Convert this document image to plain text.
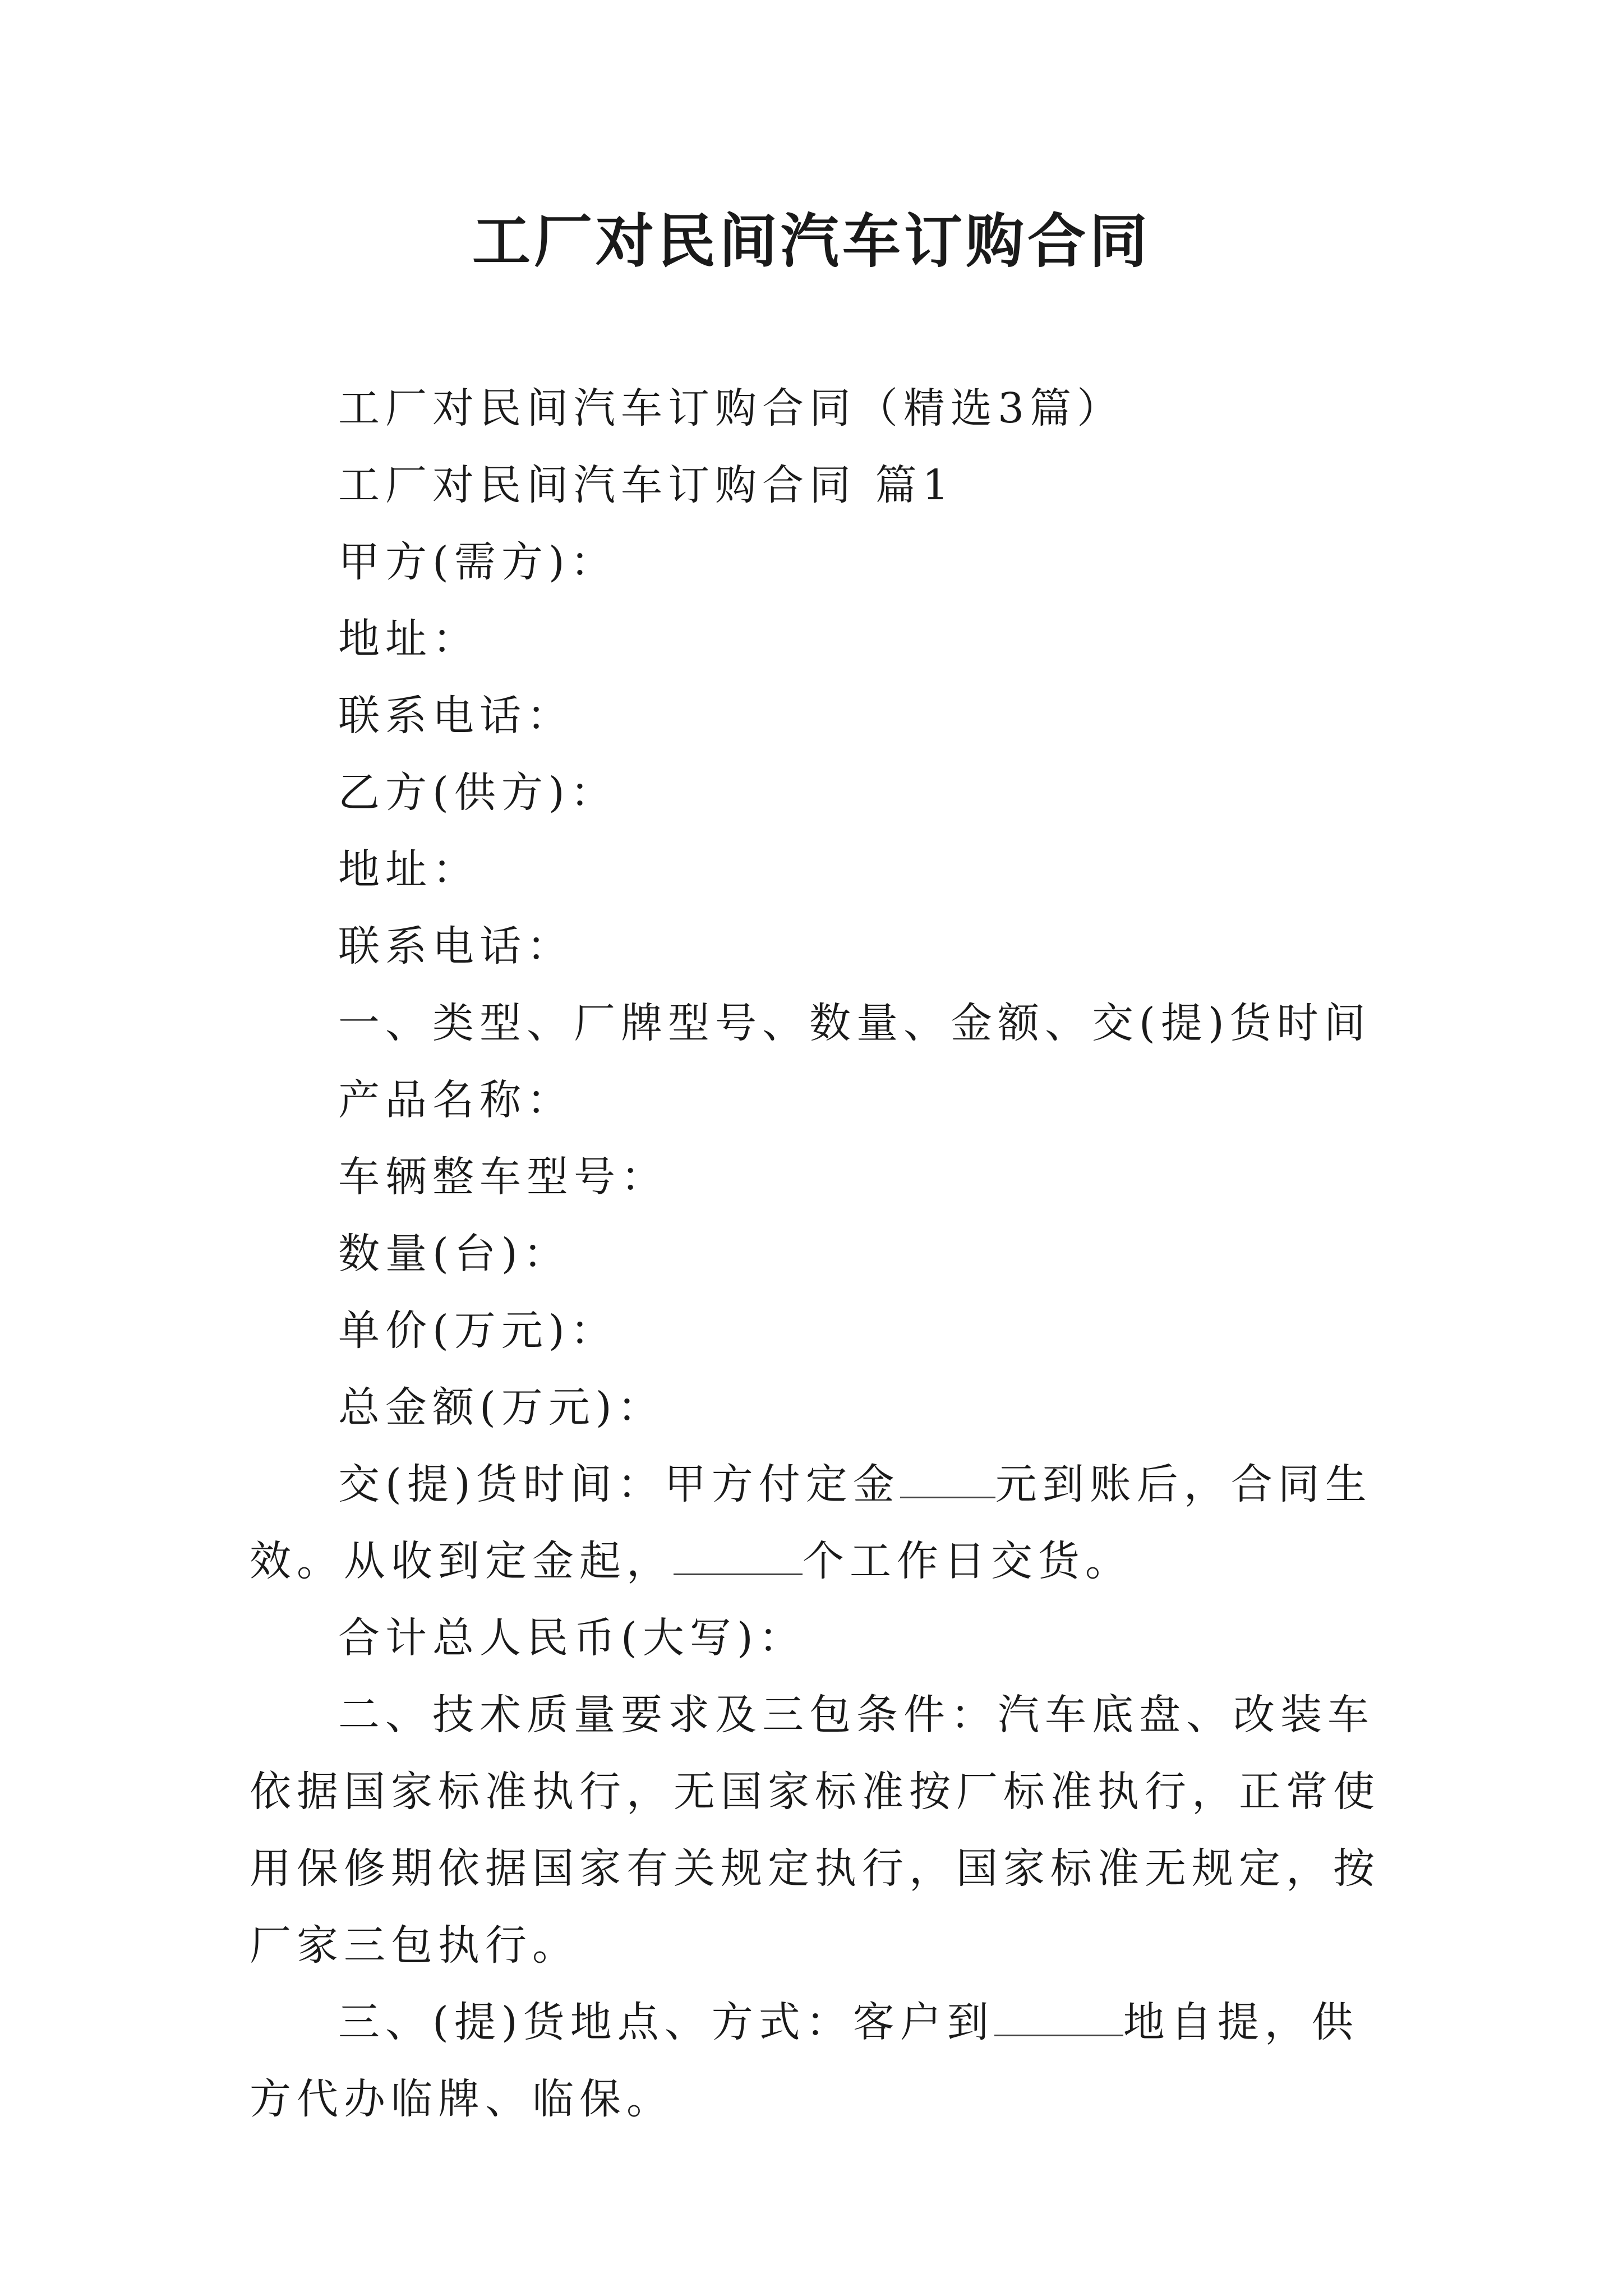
工厂对民间汽车订购合同
工厂对民间汽车订购合同（精选3篇）
工厂对民间汽车订购合同 篇1
甲方(需方)：
地址：
联系电话：
乙方(供方)：
地址：
联系电话：
一、类型、厂牌型号、数量、金额、交(提)货时间
产品名称：
车辆整车型号：
数量(台)：
单价(万元)：
总金额(万元)：
交(提)货时间：甲方付定金 元到账后，合同生效。从收到定金起，	个工作日交货。
合计总人民币(大写)：
二、技术质量要求及三包条件：汽车底盘、改装车依据国家标准执行，无国家标准按厂标准执行，正常使用保修期依据国家有关规定执行，国家标准无规定，按厂家三包执行。
三、(提)货地点、方式：客户到	地自提，供方代办临牌、临保。
